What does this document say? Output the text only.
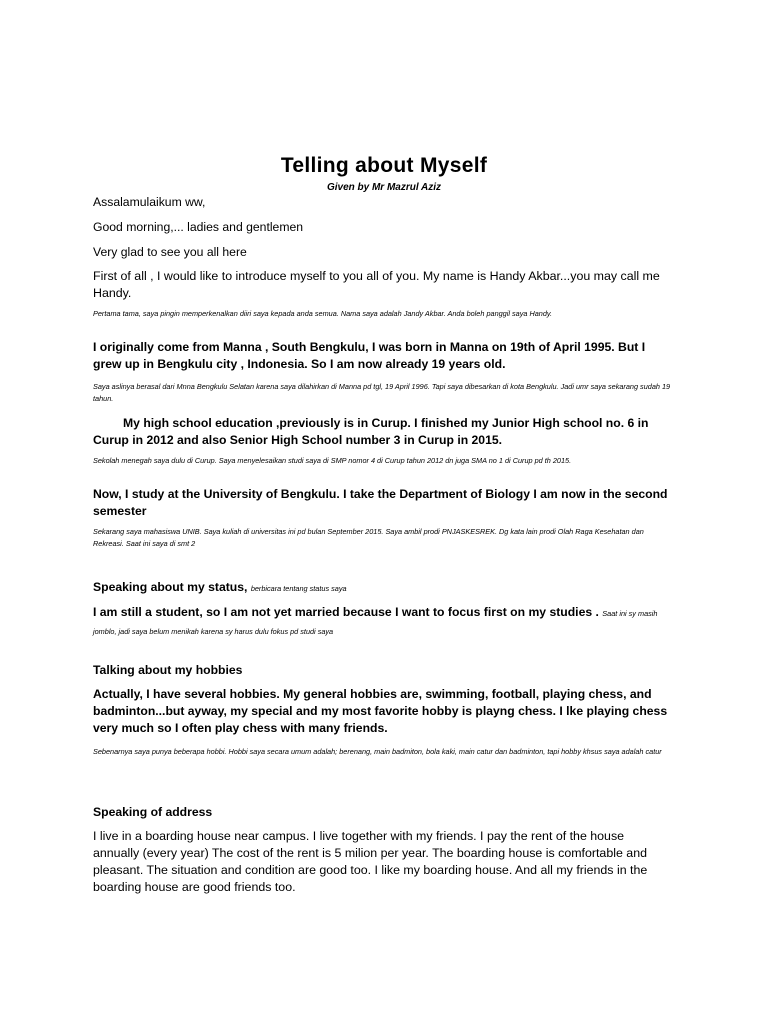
Telling about Myself

Given by Mr Mazrul Aziz

Assalamulaikum ww,

Good morning,... ladies and gentlemen

Very glad to see you all here

First of all , I would like to introduce myself to you all of you. My name is Handy Akbar...you may call me Handy.

Pertama tama, saya pingin memperkenalkan diiri saya kepada anda semua. Nama saya adalah Jandy Akbar. Anda boleh panggil saya Handy.

I originally come from Manna , South Bengkulu, I was born in Manna on 19th of April 1995. But I grew up in Bengkulu city , Indonesia. So I am now already 19 years old.

Saya aslinya berasal dari Mnna Bengkulu Selatan karena saya dilahirkan di Manna pd tgl, 19 April 1996. Tapi saya dibesarkan di kota Bengkulu. Jadi umr saya sekarang sudah 19 tahun.

My high school education ,previously is in Curup. I finished my Junior High school no. 6 in Curup in 2012 and also Senior High School number 3 in Curup in 2015.

Sekolah menegah saya dulu di Curup. Saya menyelesaikan studi saya di SMP nomor 4 di Curup tahun 2012 dn juga SMA no 1 di Curup pd th 2015.

Now, I study at the University of Bengkulu. I take the Department of Biology I am now in the second semester

Sekarang saya mahasiswa UNIB. Saya kuliah di universitas ini pd bulan September 2015. Saya ambil prodi PNJASKESREK. Dg kata lain prodi Olah Raga Kesehatan dan Rekreasi. Saat ini saya di smt 2

Speaking about my status, berbicara tentang status saya

I am still a student, so I am not yet married because I want to focus first on my studies . Saat ini sy masih jomblo, jadi saya belum menikah karena sy harus dulu fokus pd studi saya

Talking about my hobbies

Actually, I have several hobbies. My general hobbies are, swimming, football, playing chess, and badminton...but ayway, my special and my most favorite hobby is playng chess. I lke playing chess very much so I often play chess with many friends.

Sebenarnya saya punya beberapa hobbi. Hobbi saya secara umum adalah; berenang, main badmiton, bola kaki, main catur dan badminton, tapi hobby khsus saya adalah catur

Speaking of address

I live in a boarding house near campus. I live together with my friends. I pay the rent of the house annually (every year) The cost of the rent is 5 milion per year. The boarding house is comfortable and pleasant. The situation and condition are good too. I like my boarding house. And all my friends in the boarding house are good friends too.
